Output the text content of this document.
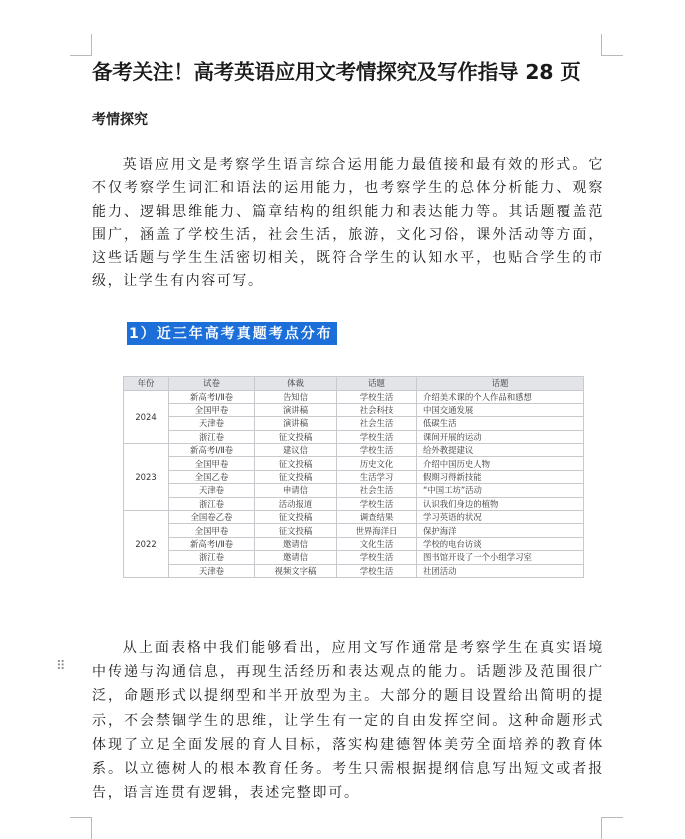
备考关注！高考英语应用文考情探究及写作指导 28 页
考情探究

英语应用文是考察学生语言综合运用能力最值接和最有效的形式。它不仅考察学生词汇和语法的运用能力，也考察学生的总体分析能力、观察能力、逻辑思维能力、篇章结构的组织能力和表达能力等。其话题覆盖范围广，涵盖了学校生活，社会生活，旅游，文化习俗，课外活动等方面，这些话题与学生生活密切相关，既符合学生的认知水平，也贴合学生的市级，让学生有内容可写。

1）近三年高考真题考点分布
年份	试卷	体裁	话题	话题
2024	新高考Ⅰ/Ⅱ卷	告知信	学校生活	介绍美术课的个人作品和感想
	全国甲卷	演讲稿	社会科技	中国交通发展
	天津卷	演讲稿	社会生活	低碳生活
	浙江卷	征文投稿	学校生活	课间开展的运动
2023	新高考Ⅰ/Ⅱ卷	建议信	学校生活	给外教提建议
	全国甲卷	征文投稿	历史文化	介绍中国历史人物
	全国乙卷	征文投稿	生活学习	假期习得新技能
	天津卷	申请信	社会生活	“中国工坊”活动
	浙江卷	活动报道	学校生活	认识我们身边的植物
2022	全国卷乙卷	征文投稿	调查结果	学习英语的状况
	全国甲卷	征文投稿	世界海洋日	保护海洋
	新高考Ⅰ/Ⅱ卷	邀请信	文化生活	学校的电台访谈
	浙江卷	邀请信	学校生活	图书馆开设了一个小组学习室
	天津卷	视频文字稿	学校生活	社团活动
⠿

从上面表格中我们能够看出，应用文写作通常是考察学生在真实语境中传递与沟通信息，再现生活经历和表达观点的能力。话题涉及范围很广泛，命题形式以提纲型和半开放型为主。大部分的题目设置给出简明的提示，不会禁锢学生的思维，让学生有一定的自由发挥空间。这种命题形式体现了立足全面发展的育人目标，落实构建德智体美劳全面培养的教育体系。以立德树人的根本教育任务。考生只需根据提纲信息写出短文或者报告，语言连贯有逻辑，表述完整即可。
